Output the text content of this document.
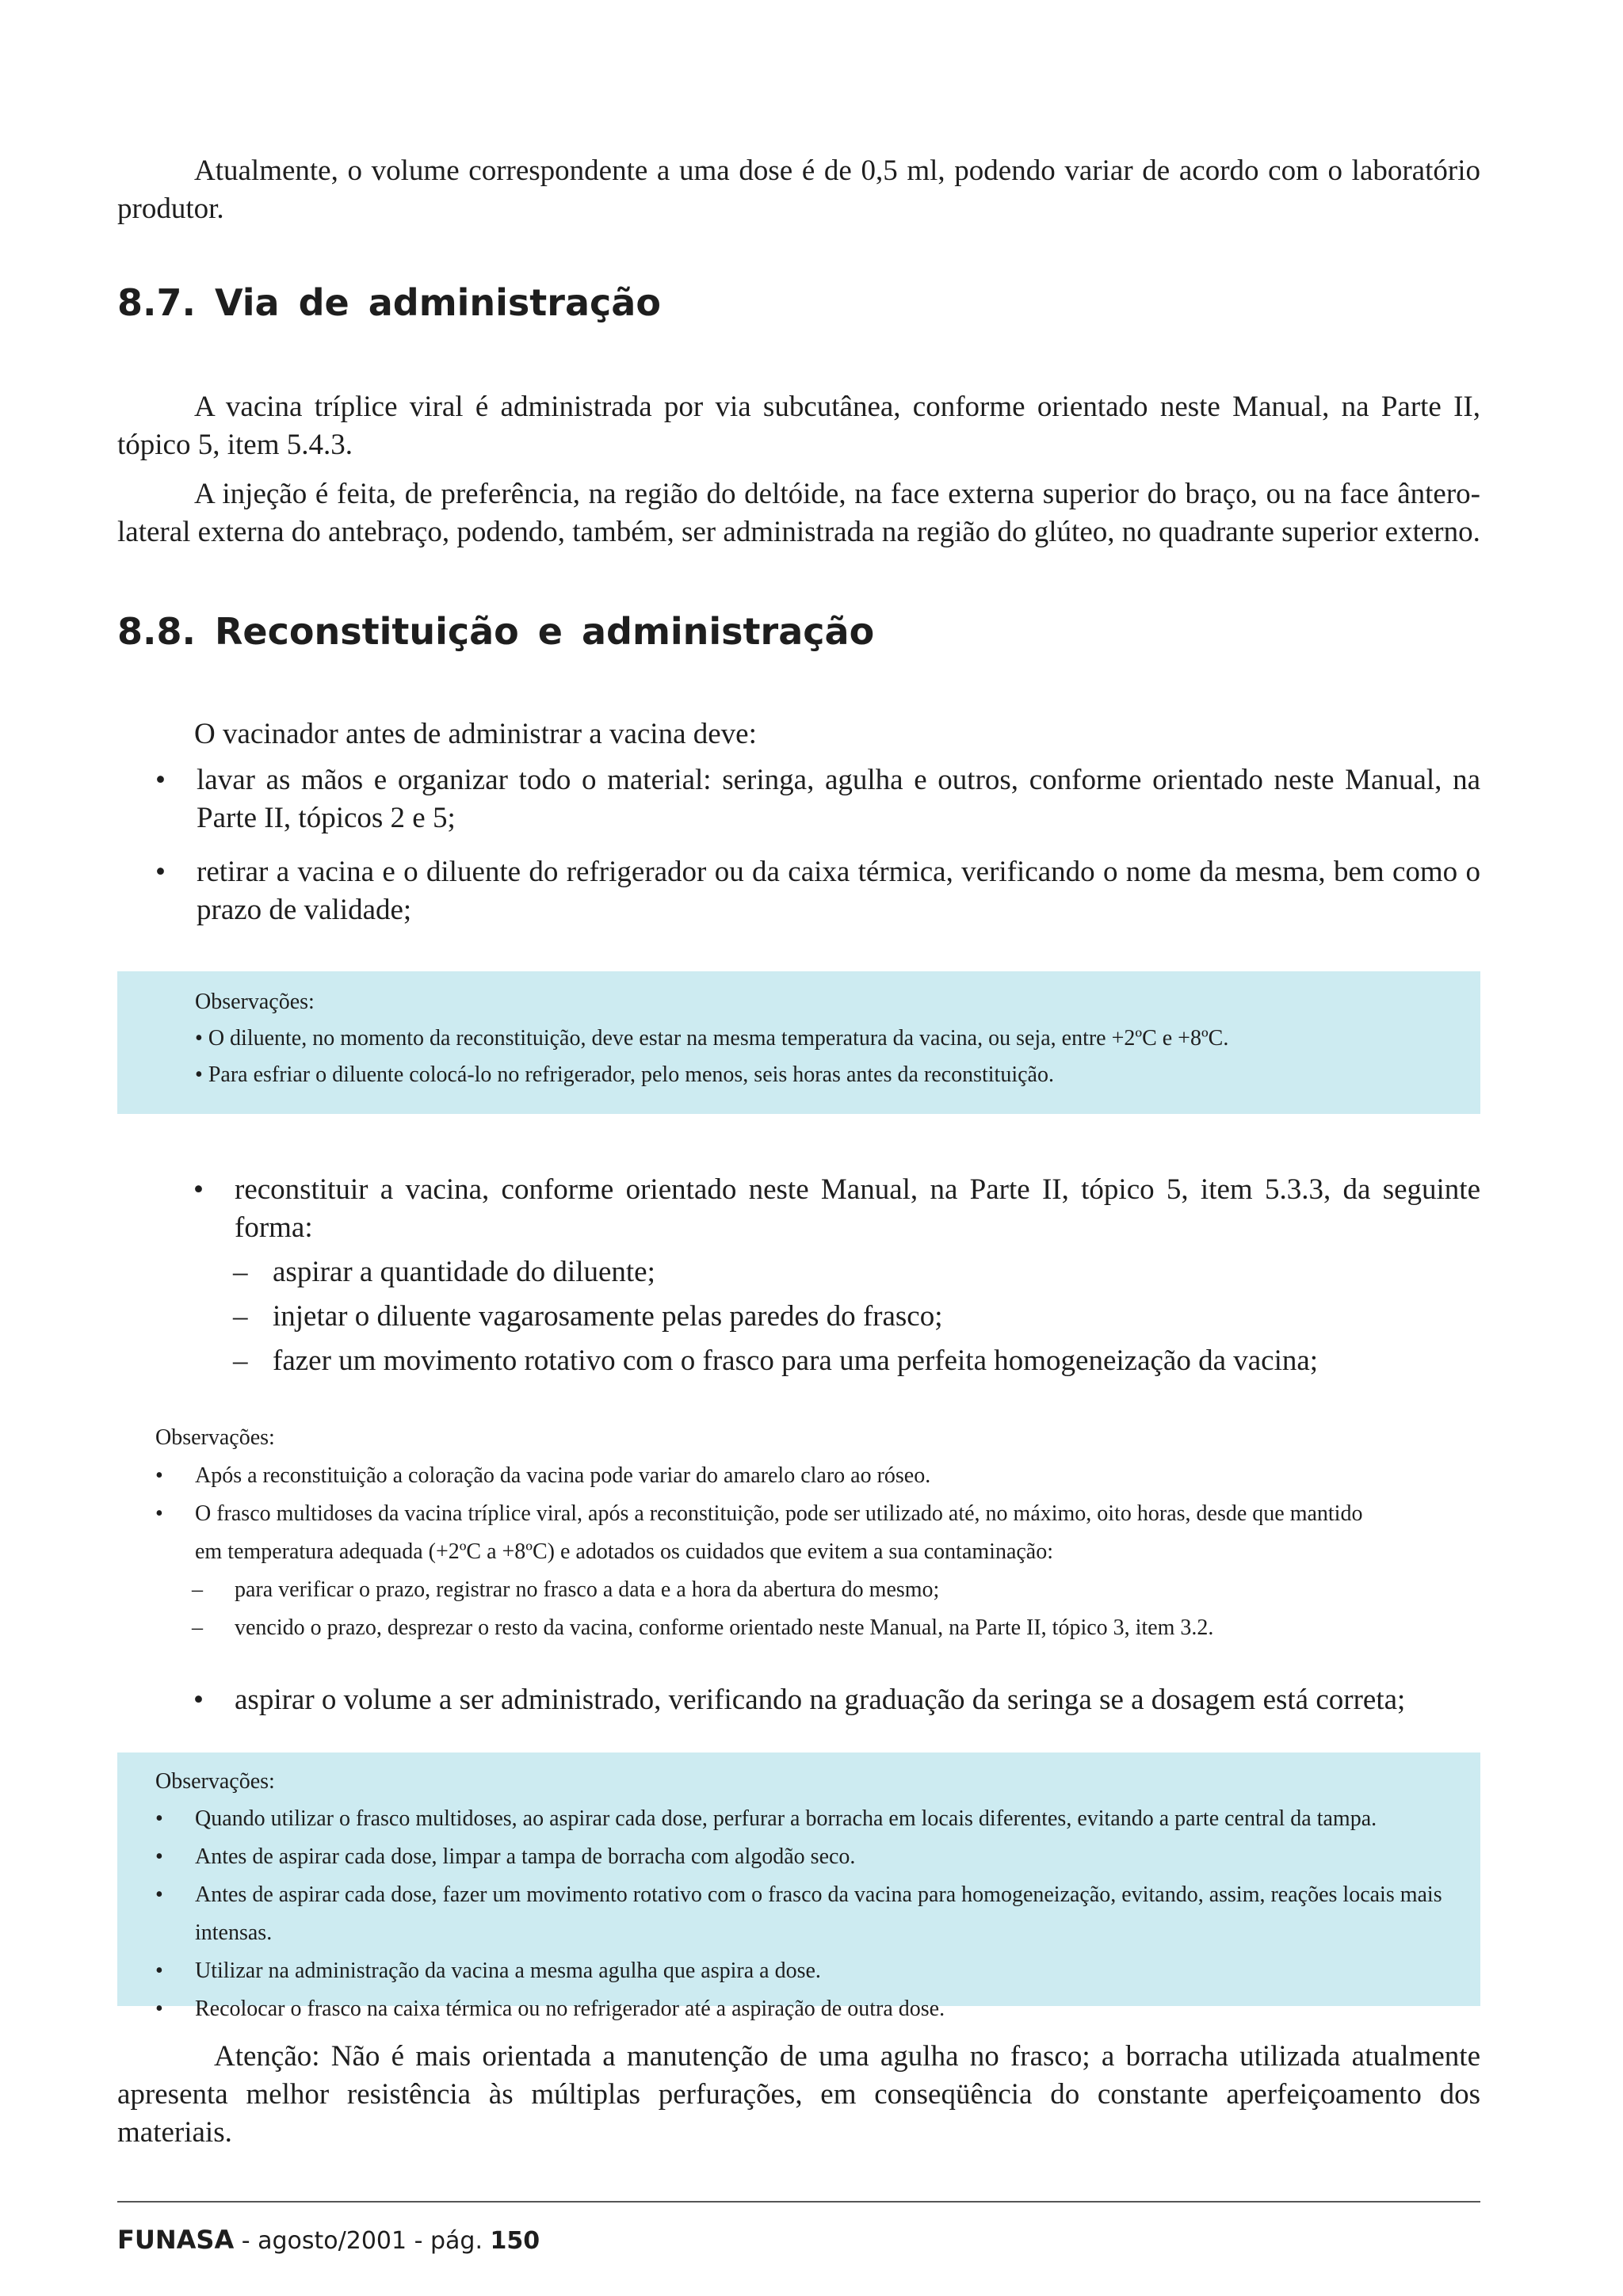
Atualmente, o volume correspondente a uma dose é de 0,5 ml, podendo variar de acordo com o laboratório produtor.

8.7. Via de administração

A vacina tríplice viral é administrada por via subcutânea, conforme orientado neste Manual, na Parte II, tópico 5, item 5.4.3.

A injeção é feita, de preferência, na região do deltóide, na face externa superior do braço, ou na face ântero-lateral externa do antebraço, podendo, também, ser administrada na região do glúteo, no quadrante superior externo.

8.8. Reconstituição e administração

O vacinador antes de administrar a vacina deve:

• lavar as mãos e organizar todo o material: seringa, agulha e outros, conforme orientado neste Manual, na Parte II, tópicos 2 e 5;
• retirar a vacina e o diluente do refrigerador ou da caixa térmica, verificando o nome da mesma, bem como o prazo de validade;

Observações:

• O diluente, no momento da reconstituição, deve estar na mesma temperatura da vacina, ou seja, entre +2ºC e +8ºC.
• Para esfriar o diluente colocá-lo no refrigerador, pelo menos, seis horas antes da reconstituição.
• reconstituir a vacina, conforme orientado neste Manual, na Parte II, tópico 5, item 5.3.3, da seguinte forma:
– aspirar a quantidade do diluente;
– injetar o diluente vagarosamente pelas paredes do frasco;
– fazer um movimento rotativo com o frasco para uma perfeita homogeneização da vacina;

Observações:

• Após a reconstituição a coloração da vacina pode variar do amarelo claro ao róseo.
• O frasco multidoses da vacina tríplice viral, após a reconstituição, pode ser utilizado até, no máximo, oito horas, desde que mantido
em temperatura adequada (+2ºC a +8ºC) e adotados os cuidados que evitem a sua contaminação:
– para verificar o prazo, registrar no frasco a data e a hora da abertura do mesmo;
– vencido o prazo, desprezar o resto da vacina, conforme orientado neste Manual, na Parte II, tópico 3, item 3.2.
• aspirar o volume a ser administrado, verificando na graduação da seringa se a dosagem está correta;

Observações:

• Quando utilizar o frasco multidoses, ao aspirar cada dose, perfurar a borracha em locais diferentes, evitando a parte central da tampa.
• Antes de aspirar cada dose, limpar a tampa de borracha com algodão seco.
• Antes de aspirar cada dose, fazer um movimento rotativo com o frasco da vacina para homogeneização, evitando, assim, reações locais mais intensas.
• Utilizar na administração da vacina a mesma agulha que aspira a dose.
• Recolocar o frasco na caixa térmica ou no refrigerador até a aspiração de outra dose.

Atenção: Não é mais orientada a manutenção de uma agulha no frasco; a borracha utilizada atualmente apresenta melhor resistência às múltiplas perfurações, em conseqüência do constante aperfeiçoamento dos materiais.

FUNASA - agosto/2001 - pág. 150
